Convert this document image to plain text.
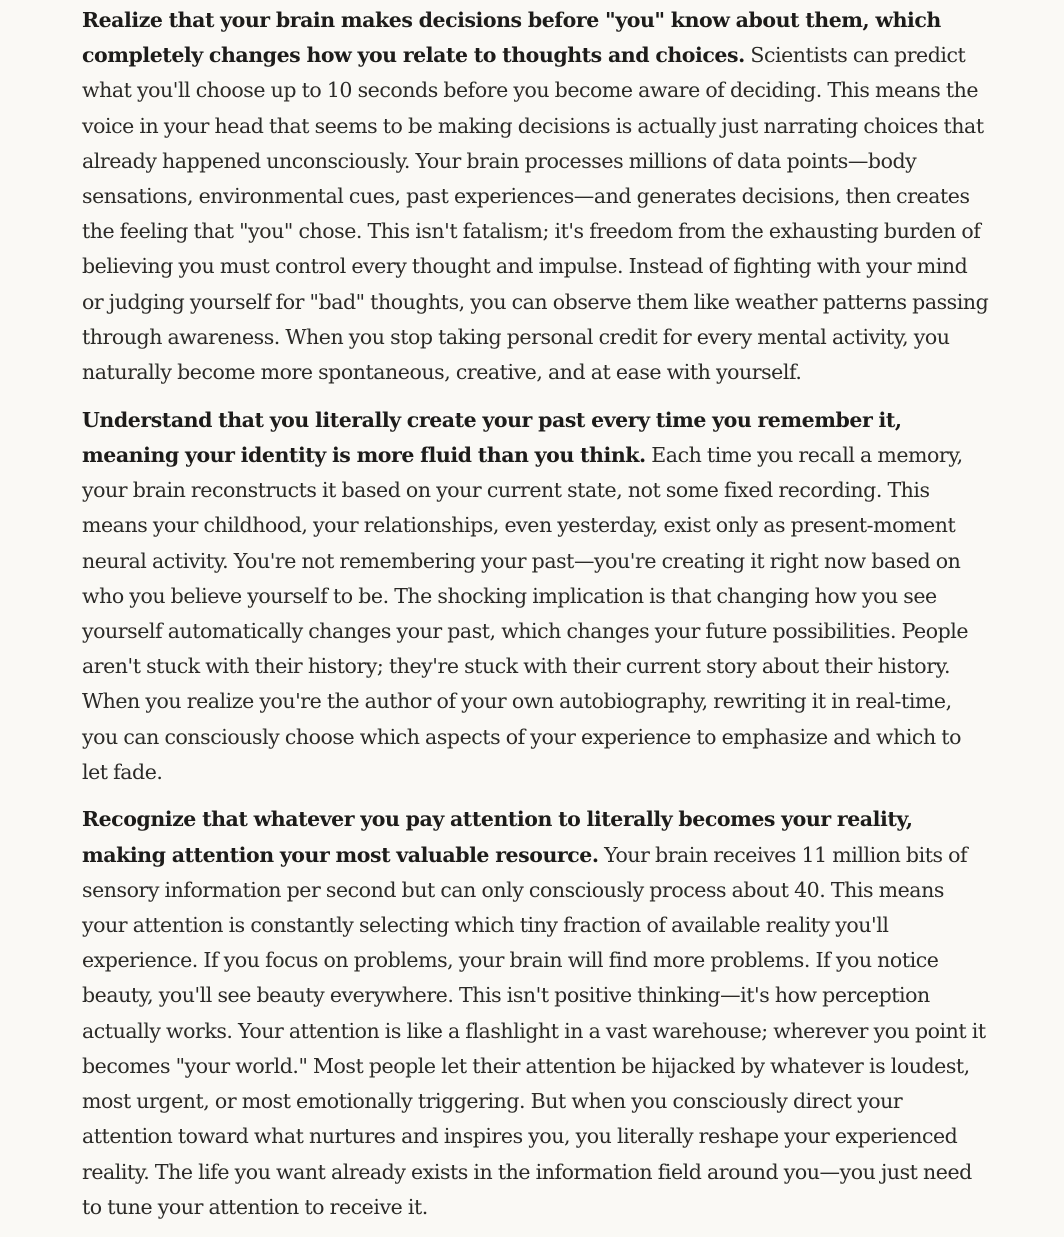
Realize that your brain makes decisions before "you" know about them, which completely changes how you relate to thoughts and choices. Scientists can predict what you'll choose up to 10 seconds before you become aware of deciding. This means the voice in your head that seems to be making decisions is actually just narrating choices that already happened unconsciously. Your brain processes millions of data points—body sensations, environmental cues, past experiences—and generates decisions, then creates the feeling that "you" chose. This isn't fatalism; it's freedom from the exhausting burden of believing you must control every thought and impulse. Instead of fighting with your mind or judging yourself for "bad" thoughts, you can observe them like weather patterns passing through awareness. When you stop taking personal credit for every mental activity, you naturally become more spontaneous, creative, and at ease with yourself.

Understand that you literally create your past every time you remember it, meaning your identity is more fluid than you think. Each time you recall a memory, your brain reconstructs it based on your current state, not some fixed recording. This means your childhood, your relationships, even yesterday, exist only as present-moment neural activity. You're not remembering your past—you're creating it right now based on who you believe yourself to be. The shocking implication is that changing how you see yourself automatically changes your past, which changes your future possibilities. People aren't stuck with their history; they're stuck with their current story about their history. When you realize you're the author of your own autobiography, rewriting it in real-time, you can consciously choose which aspects of your experience to emphasize and which to let fade.

Recognize that whatever you pay attention to literally becomes your reality, making attention your most valuable resource. Your brain receives 11 million bits of sensory information per second but can only consciously process about 40. This means your attention is constantly selecting which tiny fraction of available reality you'll experience. If you focus on problems, your brain will find more problems. If you notice beauty, you'll see beauty everywhere. This isn't positive thinking—it's how perception actually works. Your attention is like a flashlight in a vast warehouse; wherever you point it becomes "your world." Most people let their attention be hijacked by whatever is loudest, most urgent, or most emotionally triggering. But when you consciously direct your attention toward what nurtures and inspires you, you literally reshape your experienced reality. The life you want already exists in the information field around you—you just need to tune your attention to receive it.
